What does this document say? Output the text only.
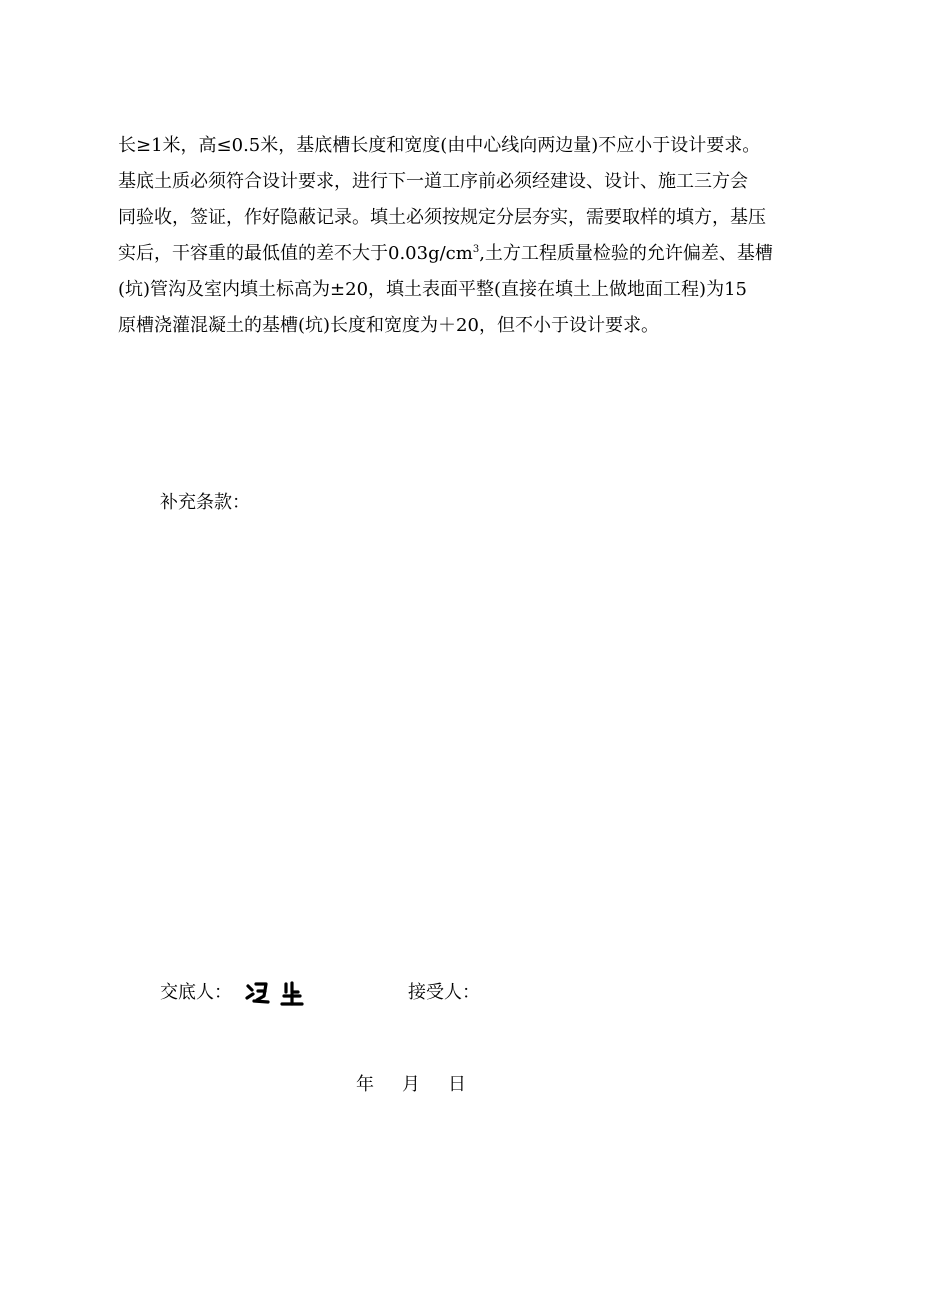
长≥1米，高≤0.5米，基底槽长度和宽度(由中心线向两边量)不应小于设计要求。
基底土质必须符合设计要求，进行下一道工序前必须经建设、设计、施工三方会
同验收，签证，作好隐蔽记录。填土必须按规定分层夯实，需要取样的填方，基压
实后，干容重的最低值的差不大于$0.03g/cm^3$,土方工程质量检验的允许偏差、基槽
(坑)管沟及室内填土标高为±20，填土表面平整(直接在填土上做地面工程)为15
原槽浇灌混凝土的基槽(坑)长度和宽度为＋20，但不小于设计要求。
补充条款：
交底人：	接受人：
年 月 日
